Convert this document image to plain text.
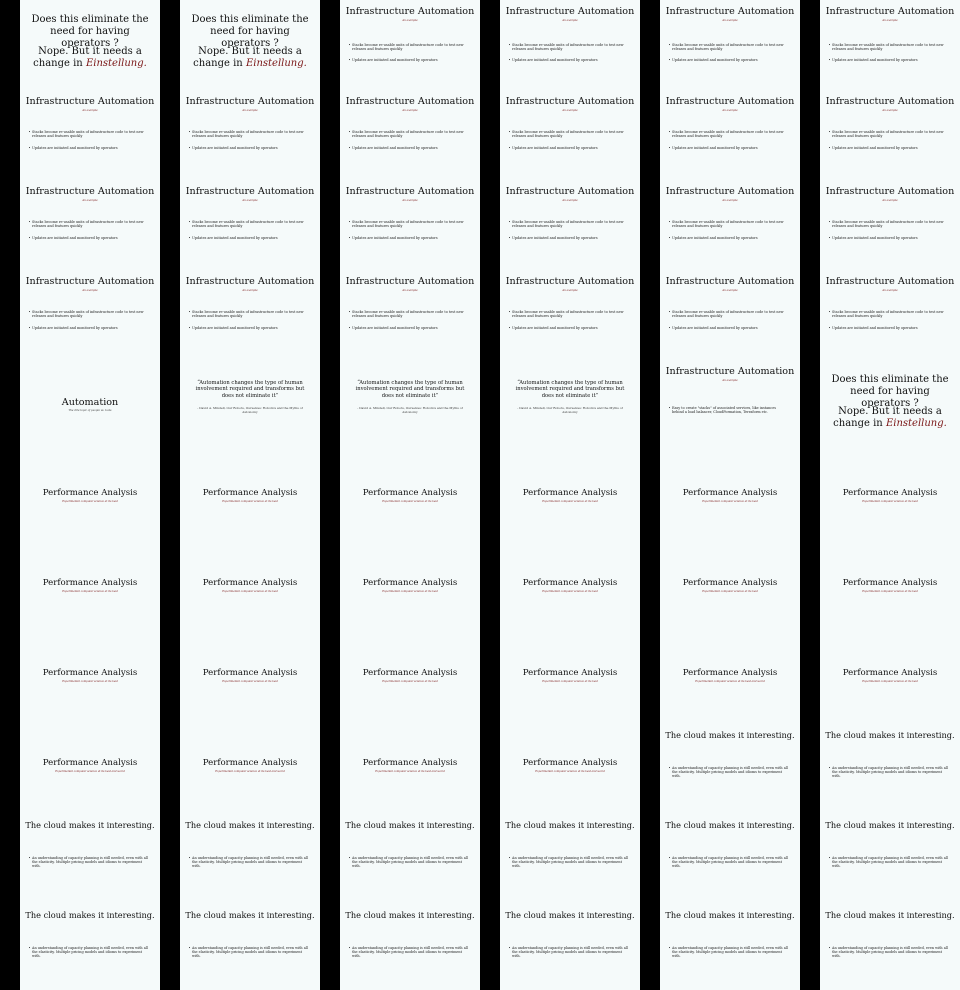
Does this eliminate the need for having operators ?
Nope. But it needs a change in Einstellung.
Infrastructure Automation
An example
• Stacks become re-usable units of infrastructure code to test new releases and features quickly
• Updates are initiated and monitored by operators
Infrastructure Automation
An example
• Stacks become re-usable units of infrastructure code to test new releases and features quickly
• Updates are initiated and monitored by operators
Infrastructure Automation
An example
• Stacks become re-usable units of infrastructure code to test new releases and features quickly
• Updates are initiated and monitored by operators
Automation
The dire topic of people vs. tools
Performance Analysis
Experimental computer science at its best
Performance Analysis
Experimental computer science at its best
Performance Analysis
Experimental computer science at its best
Performance Analysis
Experimental computer science at its best and worst
The cloud makes it interesting.
• An understanding of capacity planning is still needed, even with all the elasticity. Multiple pricing models and idioms to experiment with.
The cloud makes it interesting.
• An understanding of capacity planning is still needed, even with all the elasticity. Multiple pricing models and idioms to experiment with.
Does this eliminate the need for having operators ?
Nope. But it needs a change in Einstellung.
Infrastructure Automation
An example
• Stacks become re-usable units of infrastructure code to test new releases and features quickly
• Updates are initiated and monitored by operators
Infrastructure Automation
An example
• Stacks become re-usable units of infrastructure code to test new releases and features quickly
• Updates are initiated and monitored by operators
Infrastructure Automation
An example
• Stacks become re-usable units of infrastructure code to test new releases and features quickly
• Updates are initiated and monitored by operators
“Automation changes the type of human involvement required and transforms but does not eliminate it”
- David A. Mindell, Our Robots, Ourselves: Robotics and the Myths of Autonomy
Performance Analysis
Experimental computer science at its best
Performance Analysis
Experimental computer science at its best
Performance Analysis
Experimental computer science at its best
Performance Analysis
Experimental computer science at its best and worst
The cloud makes it interesting.
• An understanding of capacity planning is still needed, even with all the elasticity. Multiple pricing models and idioms to experiment with.
The cloud makes it interesting.
• An understanding of capacity planning is still needed, even with all the elasticity. Multiple pricing models and idioms to experiment with.
Infrastructure Automation
An example
• Stacks become re-usable units of infrastructure code to test new releases and features quickly
• Updates are initiated and monitored by operators
Infrastructure Automation
An example
• Stacks become re-usable units of infrastructure code to test new releases and features quickly
• Updates are initiated and monitored by operators
Infrastructure Automation
An example
• Stacks become re-usable units of infrastructure code to test new releases and features quickly
• Updates are initiated and monitored by operators
Infrastructure Automation
An example
• Stacks become re-usable units of infrastructure code to test new releases and features quickly
• Updates are initiated and monitored by operators
“Automation changes the type of human involvement required and transforms but does not eliminate it”
- David A. Mindell, Our Robots, Ourselves: Robotics and the Myths of Autonomy
Performance Analysis
Experimental computer science at its best
Performance Analysis
Experimental computer science at its best
Performance Analysis
Experimental computer science at its best
Performance Analysis
Experimental computer science at its best and worst
The cloud makes it interesting.
• An understanding of capacity planning is still needed, even with all the elasticity. Multiple pricing models and idioms to experiment with.
The cloud makes it interesting.
• An understanding of capacity planning is still needed, even with all the elasticity. Multiple pricing models and idioms to experiment with.
Infrastructure Automation
An example
• Stacks become re-usable units of infrastructure code to test new releases and features quickly
• Updates are initiated and monitored by operators
Infrastructure Automation
An example
• Stacks become re-usable units of infrastructure code to test new releases and features quickly
• Updates are initiated and monitored by operators
Infrastructure Automation
An example
• Stacks become re-usable units of infrastructure code to test new releases and features quickly
• Updates are initiated and monitored by operators
Infrastructure Automation
An example
• Stacks become re-usable units of infrastructure code to test new releases and features quickly
• Updates are initiated and monitored by operators
“Automation changes the type of human involvement required and transforms but does not eliminate it”
- David A. Mindell, Our Robots, Ourselves: Robotics and the Myths of Autonomy
Performance Analysis
Experimental computer science at its best
Performance Analysis
Experimental computer science at its best
Performance Analysis
Experimental computer science at its best
Performance Analysis
Experimental computer science at its best and worst
The cloud makes it interesting.
• An understanding of capacity planning is still needed, even with all the elasticity. Multiple pricing models and idioms to experiment with.
The cloud makes it interesting.
• An understanding of capacity planning is still needed, even with all the elasticity. Multiple pricing models and idioms to experiment with.
Infrastructure Automation
An example
• Stacks become re-usable units of infrastructure code to test new releases and features quickly
• Updates are initiated and monitored by operators
Infrastructure Automation
An example
• Stacks become re-usable units of infrastructure code to test new releases and features quickly
• Updates are initiated and monitored by operators
Infrastructure Automation
An example
• Stacks become re-usable units of infrastructure code to test new releases and features quickly
• Updates are initiated and monitored by operators
Infrastructure Automation
An example
• Stacks become re-usable units of infrastructure code to test new releases and features quickly
• Updates are initiated and monitored by operators
Infrastructure Automation
An example
• Easy to create "stacks" of associated services, like instances behind a load balancer, CloudFormation, Terraform etc.
Performance Analysis
Experimental computer science at its best
Performance Analysis
Experimental computer science at its best
Performance Analysis
Experimental computer science at its best and worst
The cloud makes it interesting.
• An understanding of capacity planning is still needed, even with all the elasticity. Multiple pricing models and idioms to experiment with.
The cloud makes it interesting.
• An understanding of capacity planning is still needed, even with all the elasticity. Multiple pricing models and idioms to experiment with.
The cloud makes it interesting.
• An understanding of capacity planning is still needed, even with all the elasticity. Multiple pricing models and idioms to experiment with.
Infrastructure Automation
An example
• Stacks become re-usable units of infrastructure code to test new releases and features quickly
• Updates are initiated and monitored by operators
Infrastructure Automation
An example
• Stacks become re-usable units of infrastructure code to test new releases and features quickly
• Updates are initiated and monitored by operators
Infrastructure Automation
An example
• Stacks become re-usable units of infrastructure code to test new releases and features quickly
• Updates are initiated and monitored by operators
Infrastructure Automation
An example
• Stacks become re-usable units of infrastructure code to test new releases and features quickly
• Updates are initiated and monitored by operators
Does this eliminate the need for having operators ?
Nope. But it needs a change in Einstellung.
Performance Analysis
Experimental computer science at its best
Performance Analysis
Experimental computer science at its best
Performance Analysis
Experimental computer science at its best
The cloud makes it interesting.
• An understanding of capacity planning is still needed, even with all the elasticity. Multiple pricing models and idioms to experiment with.
The cloud makes it interesting.
• An understanding of capacity planning is still needed, even with all the elasticity. Multiple pricing models and idioms to experiment with.
The cloud makes it interesting.
• An understanding of capacity planning is still needed, even with all the elasticity. Multiple pricing models and idioms to experiment with.
